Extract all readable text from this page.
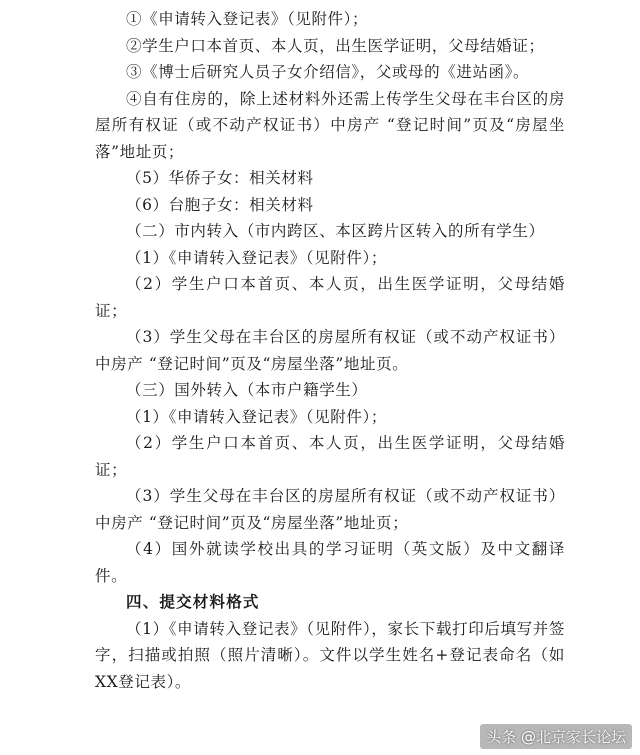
①《申请转入登记表》（见附件）；

②学生户口本首页、本人页，出生医学证明，父母结婚证；

③《博士后研究人员子女介绍信》，父或母的《进站函》。

④自有住房的，除上述材料外还需上传学生父母在丰台区的房屋所有权证（或不动产权证书）中房产 “登记时间”页及“房屋坐落”地址页；

（5）华侨子女：相关材料

（6）台胞子女：相关材料

（二）市内转入（市内跨区、本区跨片区转入的所有学生）

（1）《申请转入登记表》（见附件）；

（2）学生户口本首页、本人页，出生医学证明，父母结婚证；

（3）学生父母在丰台区的房屋所有权证（或不动产权证书）中房产 “登记时间”页及“房屋坐落”地址页。

（三）国外转入（本市户籍学生）

（1）《申请转入登记表》（见附件）；

（2）学生户口本首页、本人页，出生医学证明，父母结婚证；

（3）学生父母在丰台区的房屋所有权证（或不动产权证书）中房产 “登记时间”页及“房屋坐落”地址页；

（4）国外就读学校出具的学习证明（英文版）及中文翻译件。

四、提交材料格式

（1）《申请转入登记表》（见附件），家长下载打印后填写并签字，扫描或拍照（照片清晰）。文件以学生姓名+登记表命名（如XX登记表）。

头条 @北京家长论坛
